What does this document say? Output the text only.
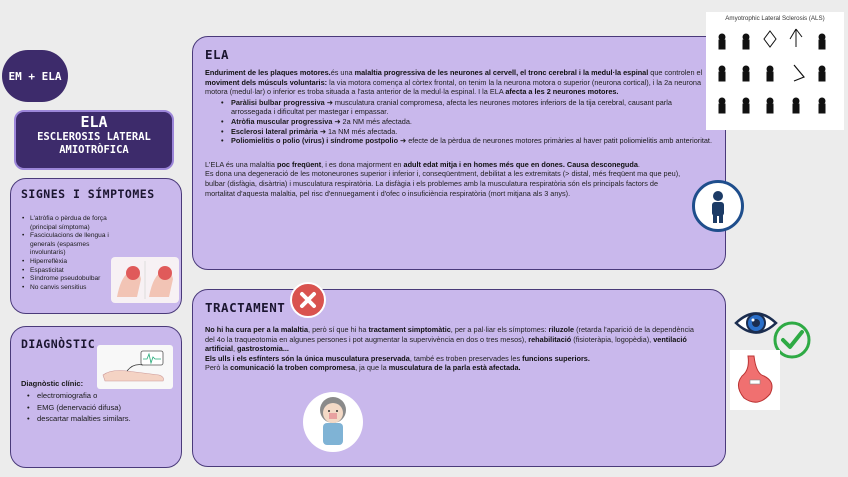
EM + ELA
ELA
ESCLEROSIS LATERAL
AMIOTRÒFICA
SIGNES I SÍMPTOMES
• L'atròfia o pèrdua de força (principal símptoma)
• Fasciculacions de llengua i generals (espasmes involuntaris)
• Hiperreflèxia
• Espasticitat
• Síndrome pseudobulbar
• No canvis sensitius
DIAGNÒSTIC
Diagnòstic clínic:
• electromiografia o
• EMG (denervació difusa)
• descartar malalties similars.
ELA

Enduriment de les plaques motores.és una malaltia progressiva de les neurones al cervell, el tronc cerebral i la medul·la espinal que controlen el moviment dels músculs voluntaris: la via motora comença al còrtex frontal, on tenim la la neurona motora o superior (neurona cortical), i la 2a neurona motora (medul·lar) o inferior es troba situada a l'asta anterior de la medul·la espinal. I la ELA afecta a les 2 neurones motores.

• Paràlisi bulbar progressiva ➜ musculatura cranial compromesa, afecta les neurones motores inferiors de la tija cerebral, causant parla arrossegada i dificultat per mastegar i empassar.
• Atròfia muscular progressiva ➜ 2a NM més afectada.
• Esclerosi lateral primària ➜ 1a NM més afectada.
• Poliomielitis o polio (virus) i síndrome postpolio ➜ efecte de la pèrdua de neurones motores primàries al haver patit poliomielitis amb anterioritat.

L'ELA és una malaltia poc freqüent, i es dona majorment en adult edat mitja i en homes més que en dones. Causa desconeguda.

Es dona una degeneració de les motoneurones superior i inferior i, conseqüentment, debilitat a les extremitats (> distal, més freqüent ma que peu), bulbar (disfàgia, disàrtria) i musculatura respiratòria. La disfàgia i els problemes amb la musculatura respiratòria són els principals factors de mortalitat d'aquesta malaltia, pel risc d'ennuegament i d'ofec o insuficiència respiratòria (mort mitjana als 3 anys).

TRACTAMENT

No hi ha cura per a la malaltia, però sí que hi ha tractament simptomàtic, per a pal·liar els símptomes: riluzole (retarda l'aparició de la dependència del 4o la traqueotomia en algunes persones i pot augmentar la supervivència en dos o tres mesos), rehabilitació (fisioteràpia, logopèdia), ventilació artificial, gastrostomia...
Els ulls i els esfínters són la única musculatura preservada, també es troben preservades les funcions superiors.
Però la comunicació la troben compromesa, ja que la musculatura de la parla està afectada.

Amyotrophic Lateral Sclerosis (ALS)
